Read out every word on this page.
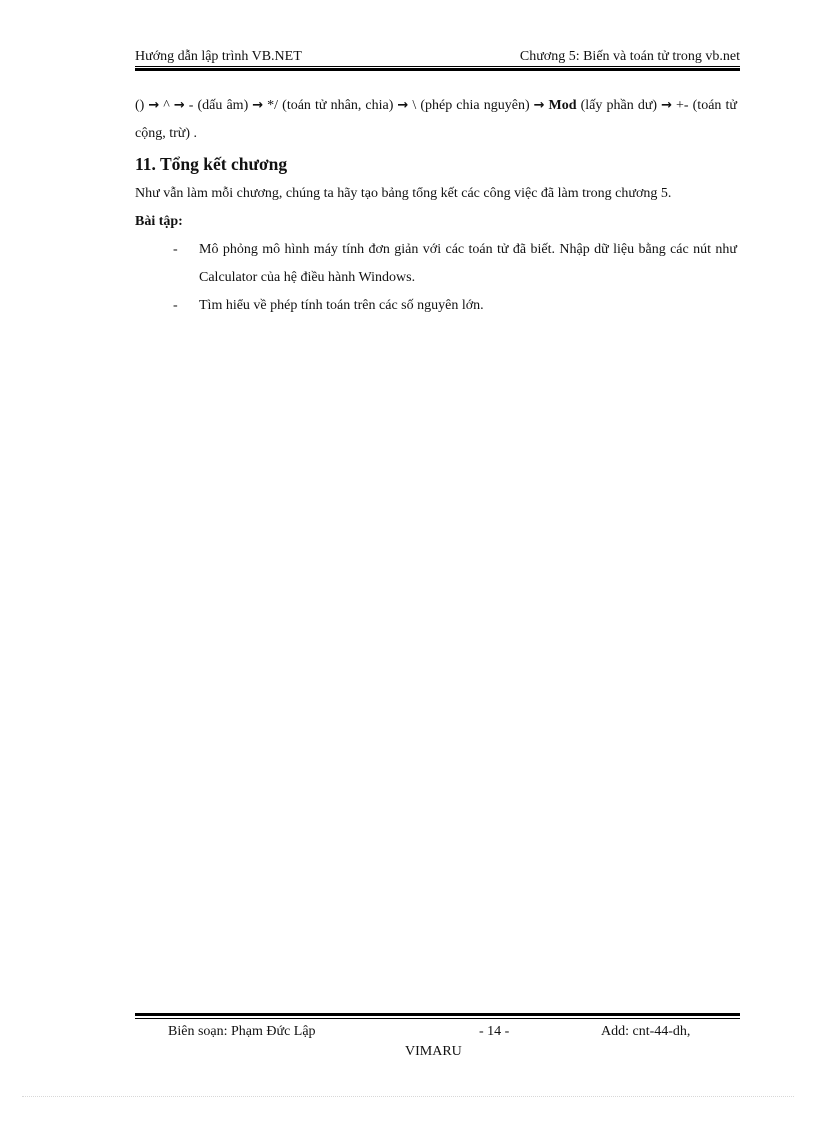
Hướng dẫn lập trình VB.NET	Chương 5: Biến và toán tử trong vb.net

() → ^ → - (dấu âm) → */ (toán tử nhân, chia) → \ (phép chia nguyên) → Mod (lấy phần dư) → +- (toán tử cộng, trừ) .

11. Tổng kết chương

Như vẫn làm mỗi chương, chúng ta hãy tạo bảng tổng kết các công việc đã làm trong chương 5.

Bài tập:
- Mô phỏng mô hình máy tính đơn giản với các toán tử đã biết. Nhập dữ liệu bằng các nút như Calculator của hệ điều hành Windows.
- Tìm hiểu về phép tính toán trên các số nguyên lớn.
Biên soạn: Phạm Đức Lập	- 14 -	Add: cnt-44-dh,
VIMARU
